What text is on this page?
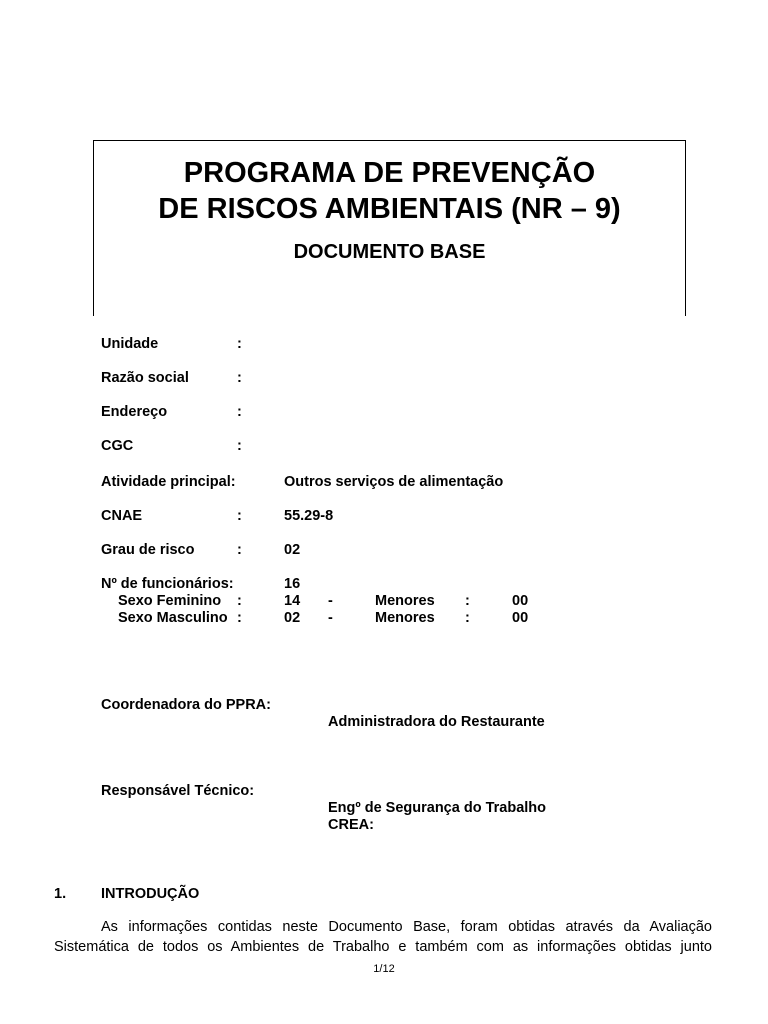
PROGRAMA DE PREVENÇÃO

DE RISCOS AMBIENTAIS (NR – 9)

DOCUMENTO BASE
Unidade	:
Razão social	:
Endereço	:
CGC	:
Atividade principal:	Outros serviços de alimentação
CNAE	:	55.29-8
Grau de risco	:	02
Nº de funcionários:	16
Sexo Feminino :	14 -	Menores :	00
Sexo Masculino :	02 -	Menores :	00
Coordenadora do PPRA:
Administradora do Restaurante
Responsável Técnico:
Engº de Segurança do Trabalho
CREA:
1. INTRODUÇÃO

As informações contidas neste Documento Base, foram obtidas através da Avaliação

Sistemática de todos os Ambientes de Trabalho e também com as informações obtidas junto

1/12
